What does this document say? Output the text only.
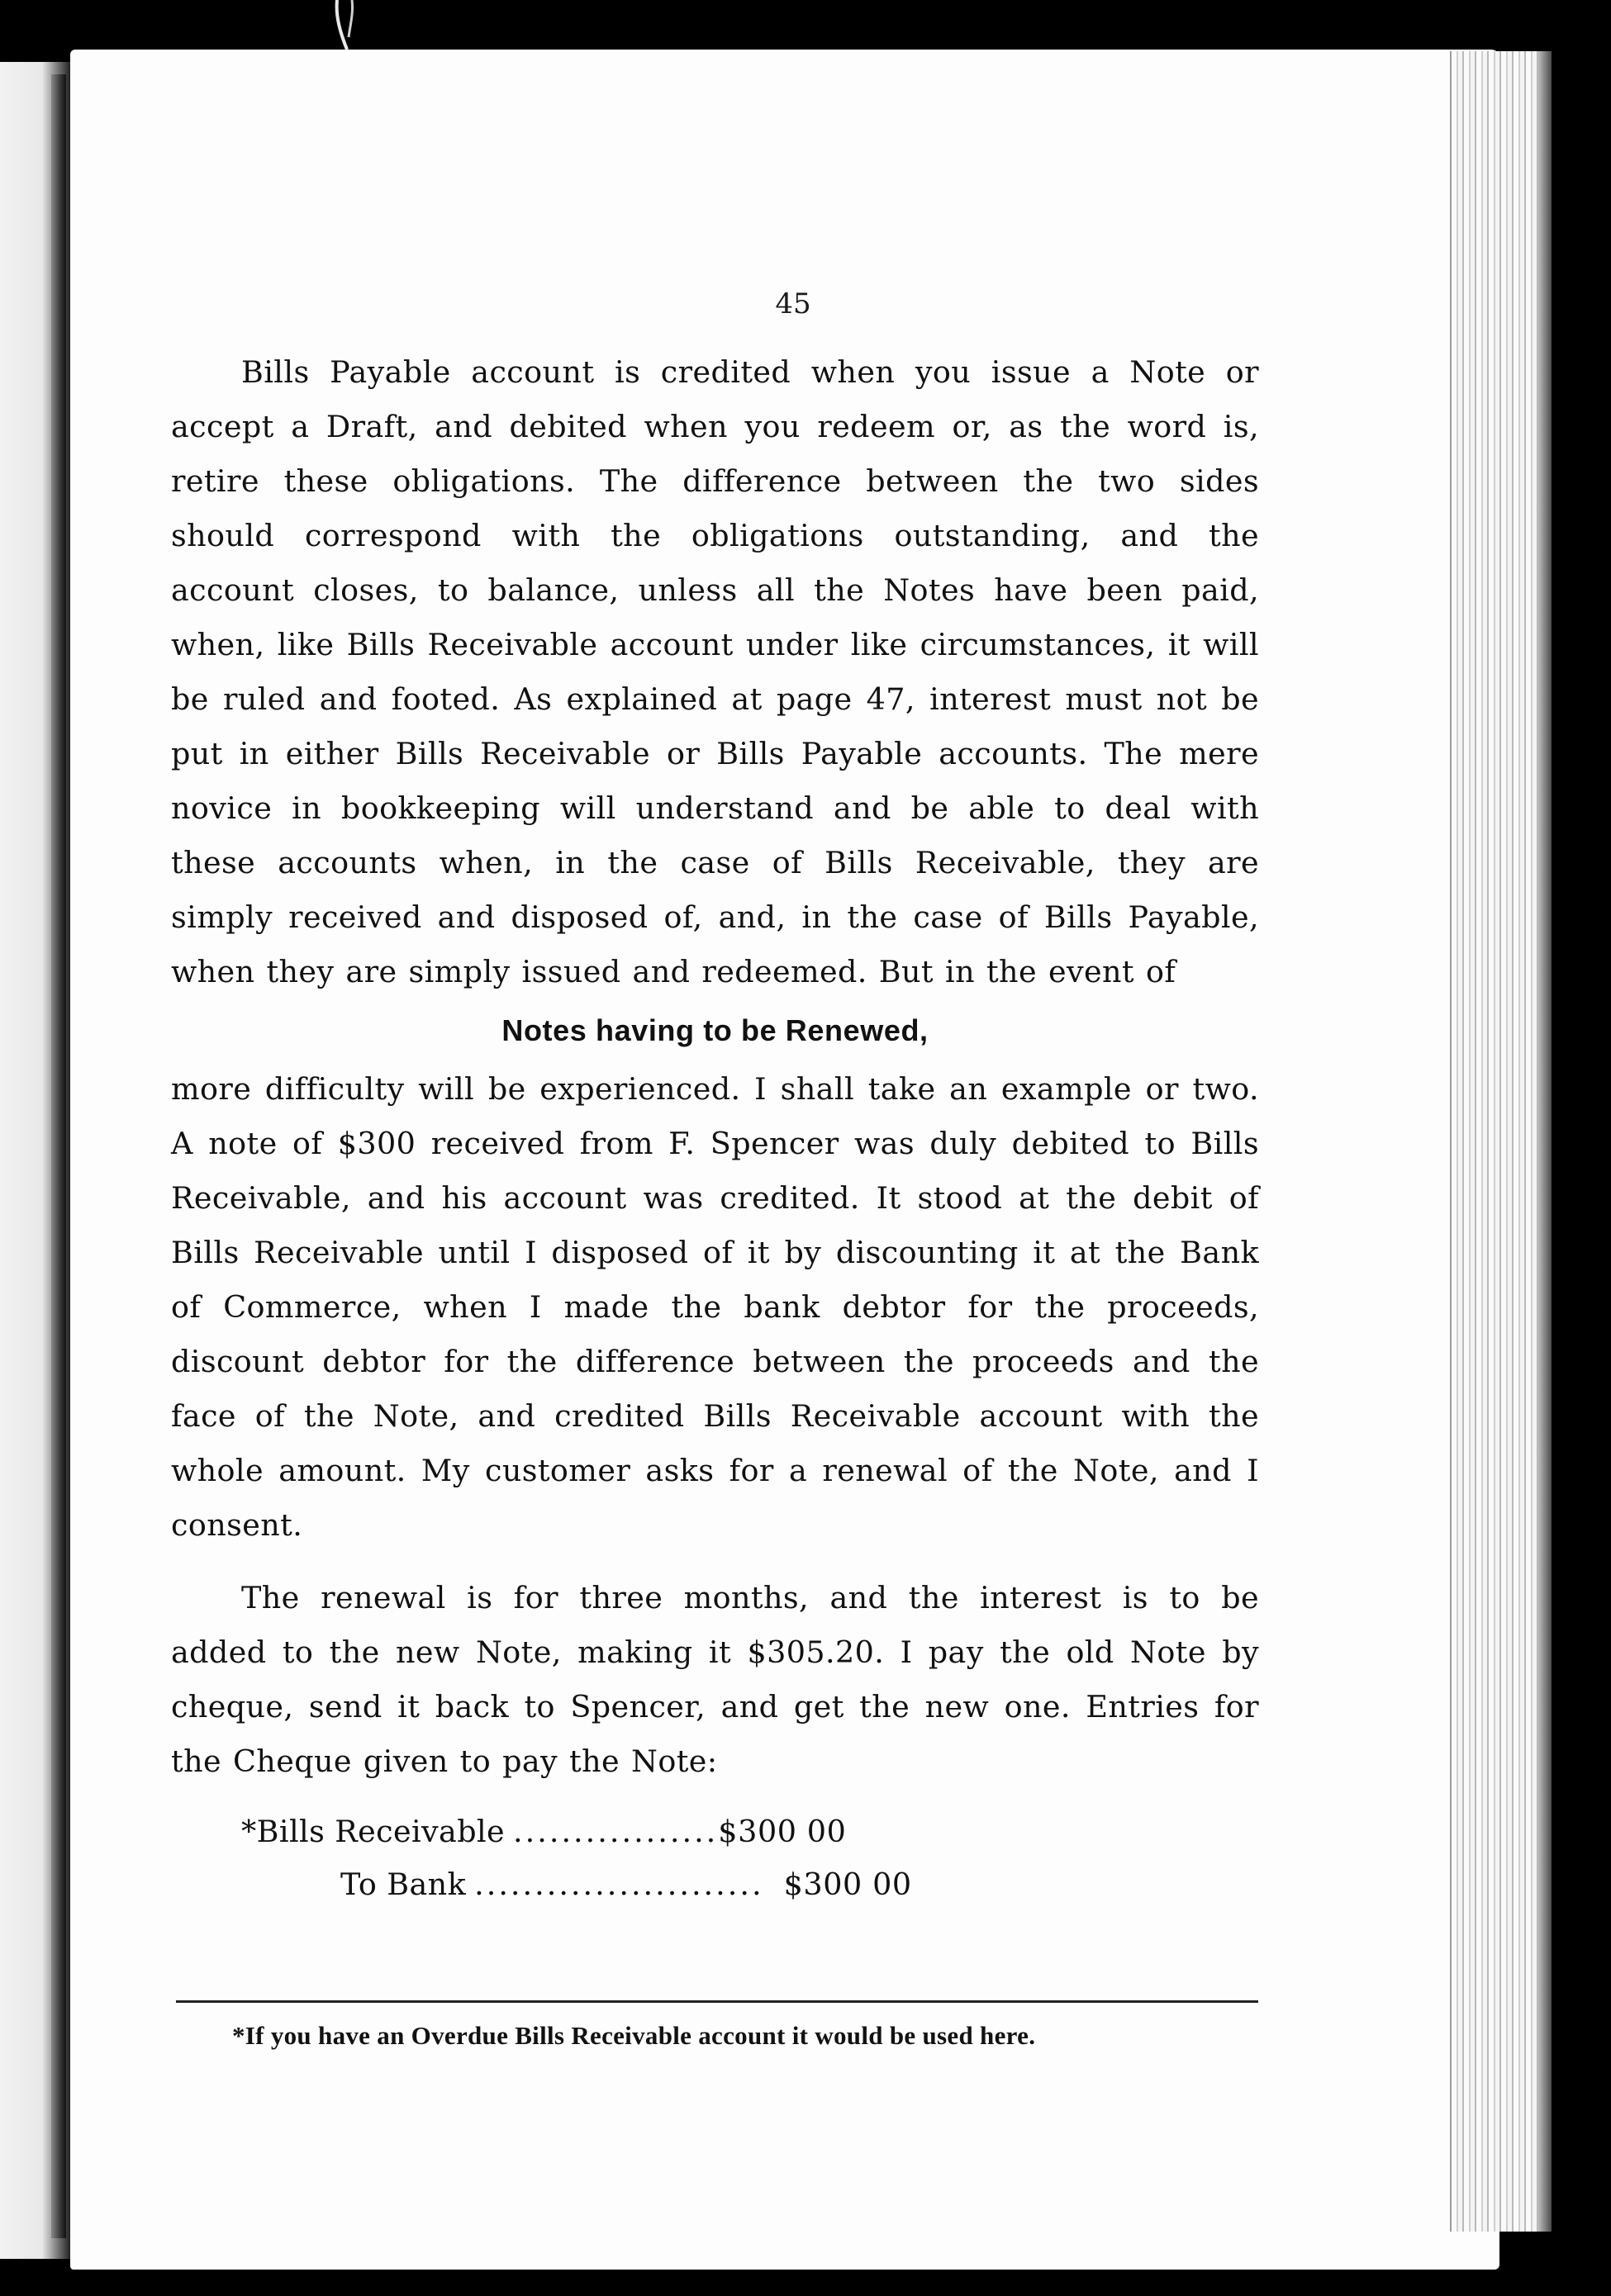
45

Bills Payable account is credited when you issue a Note or accept a Draft, and debited when you redeem or, as the word is, retire these obligations. The difference between the two sides should correspond with the obligations outstanding, and the account closes, to balance, unless all the Notes have been paid, when, like Bills Receivable account under like circumstances, it will be ruled and footed. As explained at page 47, interest must not be put in either Bills Receivable or Bills Payable accounts. The mere novice in bookkeeping will understand and be able to deal with these accounts when, in the case of Bills Receivable, they are simply received and disposed of, and, in the case of Bills Payable, when they are simply issued and redeemed. But in the event of

Notes having to be Renewed,

more difficulty will be experienced. I shall take an example or two. A note of $300 received from F. Spencer was duly debited to Bills Receivable, and his account was credited. It stood at the debit of Bills Receivable until I disposed of it by discounting it at the Bank of Commerce, when I made the bank debtor for the proceeds, discount debtor for the difference between the proceeds and the face of the Note, and credited Bills Receivable account with the whole amount. My customer asks for a renewal of the Note, and I consent.

The renewal is for three months, and the interest is to be added to the new Note, making it $305.20. I pay the old Note by cheque, send it back to Spencer, and get the new one. Entries for the Cheque given to pay the Note:

*Bills Receivable ................. $300 00
To Bank ........................ $300 00
*If you have an Overdue Bills Receivable account it would be used here.
